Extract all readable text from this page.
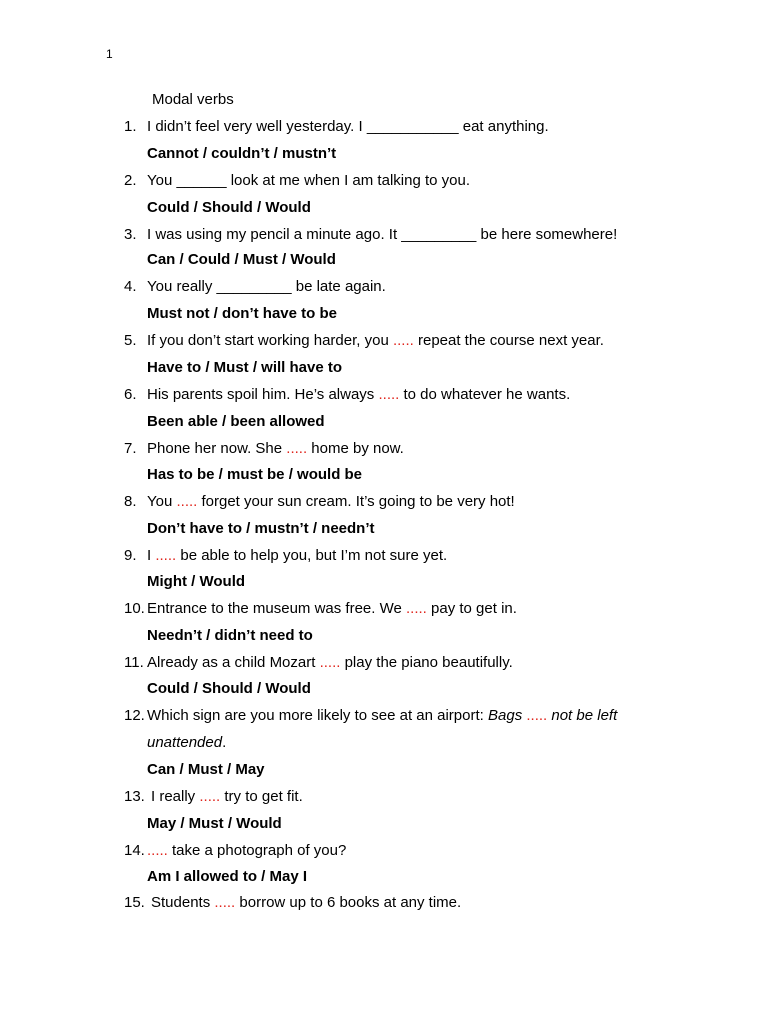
1
Modal verbs
1. I didn’t feel very well yesterday. I ___________ eat anything.
Cannot / couldn’t / mustn’t
2. You ______ look at me when I am talking to you.
Could / Should / Would
3. I was using my pencil a minute ago. It _________ be here somewhere!
Can / Could / Must / Would
4. You really _________ be late again.
Must not / don’t have to be
5. If you don’t start working harder, you ..... repeat the course next year.
Have to / Must / will have to
6. His parents spoil him. He’s always ..... to do whatever he wants.
Been able / been allowed
7. Phone her now. She ..... home by now.
Has to be / must be / would be
8. You ..... forget your sun cream. It’s going to be very hot!
Don’t have to / mustn’t / needn’t
9. I ..... be able to help you, but I’m not sure yet.
Might / Would
10. Entrance to the museum was free. We ..... pay to get in.
Needn’t / didn’t need to
11. Already as a child Mozart ..... play the piano beautifully.
Could / Should / Would
12. Which sign are you more likely to see at an airport: Bags ..... not be left
unattended.
Can / Must / May
13. I really ..... try to get fit.
May / Must / Would
14. ..... take a photograph of you?
Am I allowed to / May I
15. Students ..... borrow up to 6 books at any time.
